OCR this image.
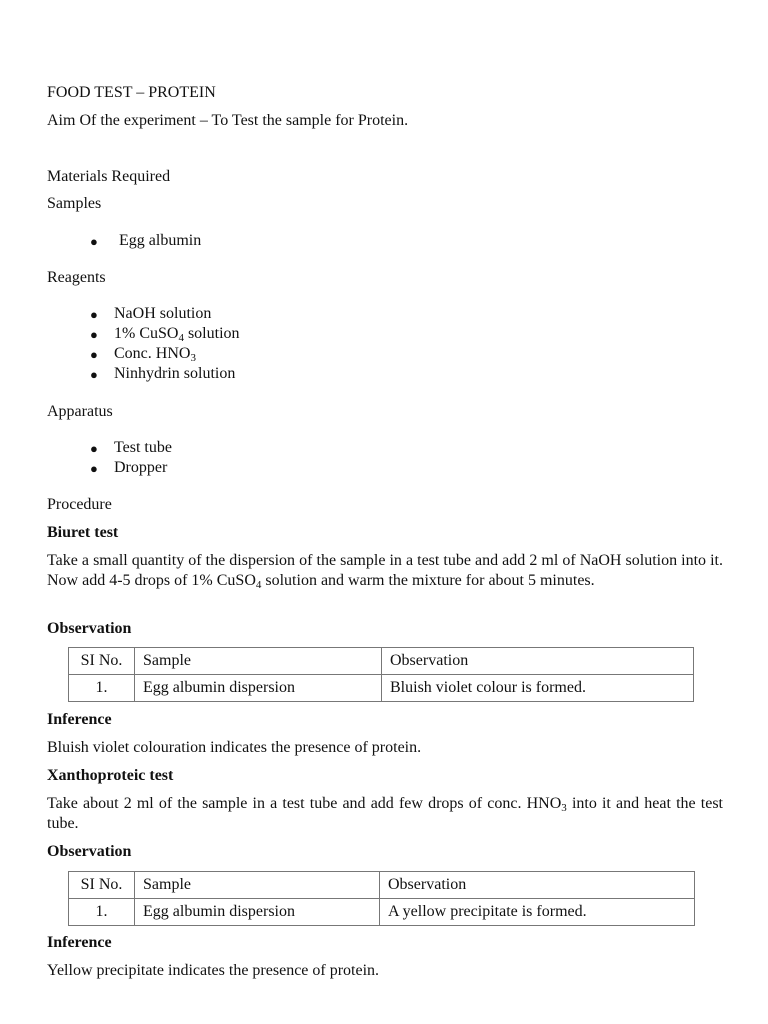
FOOD TEST – PROTEIN
Aim Of the experiment – To Test the sample for Protein.
Materials Required
Samples
● Egg albumin
Reagents
● NaOH solution
● 1% CuSO$_4$ solution
● Conc. $HNO_3$
● Ninhydrin solution
Apparatus
● Test tube
● Dropper
Procedure
Biuret test
Take a small quantity of the dispersion of the sample in a test tube and add 2 ml of NaOH solution into it. Now add 4-5 drops of 1% CuSO$_4$ solution and warm the mixture for about 5 minutes.
Observation
SI No.	Sample	Observation
1.	Egg albumin dispersion	Bluish violet colour is formed.
Inference
Bluish violet colouration indicates the presence of protein.
Xanthoproteic test
Take about 2 ml of the sample in a test tube and add few drops of conc. $HNO_3$ into it and heat the test tube.
Observation
SI No.	Sample	Observation
1.	Egg albumin dispersion	A yellow precipitate is formed.
Inference
Yellow precipitate indicates the presence of protein.
